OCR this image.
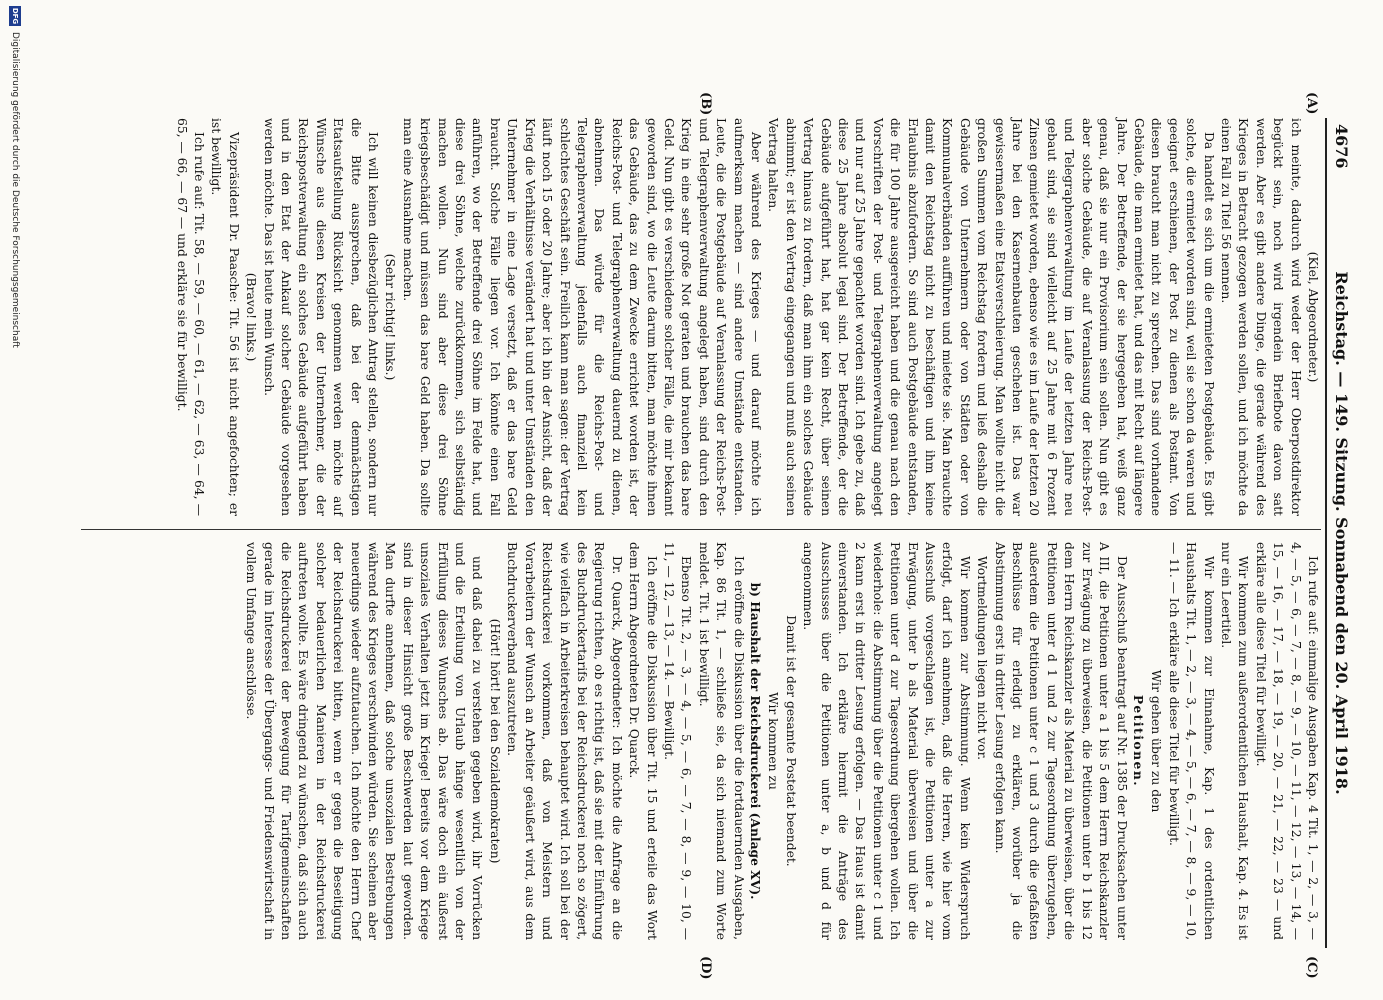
4676
Reichstag. — 149. Sitzung. Sonnabend den 20. April 1918.
(A)
(B)
(C)
(D)

(Kiel, Abgeordneter.)

ich meinte, dadurch wird weder der Herr Oberpostdirektor begückt sein, noch wird irgendein Briefbote davon satt werden. Aber es gibt andere Dinge, die gerade während des Krieges in Betracht gezogen werden sollen, und ich möchte da einen Fall zu Titel 56 nennen.

Da handelt es sich um die ermieteten Postgebäude. Es gibt solche, die ermietet worden sind, weil sie schon da waren und geeignet erschienen, der Post zu dienen als Postamt. Von diesen braucht man nicht zu sprechen. Das sind vorhandene Gebäude, die man ermietet hat, und das mit Recht auf längere Jahre. Der Betreffende, der sie hergegeben hat, weiß ganz genau, daß sie nur ein Provisorium sein sollen. Nun gibt es aber solche Gebäude, die auf Veranlassung der Reichs-Post- und Telegraphenverwaltung im Laufe der letzten Jahre neu gebaut sind, sie sind vielleicht auf 25 Jahre mit 6 Prozent Zinsen gemietet worden, ebenso wie es im Laufe der letzten 20 Jahre bei den Kasernenbauten geschehen ist. Das war gewissermaßen eine Etatsverschleierung. Man wollte nicht die großen Summen vom Reichstag fordern und ließ deshalb die Gebäude von Unternehmern oder von Städten oder von Kommunalverbänden aufführen und mietete sie. Man brauchte damit den Reichstag nicht zu beschäftigen und ihm keine Erlaubnis abzufordern. So sind auch Postgebäude entstanden, die für 100 Jahre ausgereicht haben und die genau nach den Vorschriften der Post- und Telegraphenverwaltung angelegt und nur auf 25 Jahre gepachtet worden sind. Ich gebe zu, daß diese 25 Jahre absolut legal sind. Der Betreffende, der die Gebäude aufgeführt hat, hat gar kein Recht, über seinen Vertrag hinaus zu fordern, daß man ihm ein solches Gebäude abnimmt; er ist den Vertrag eingegangen und muß auch seinen Vertrag halten.

Aber während des Krieges — und darauf möchte ich aufmerksam machen — sind andere Umstände entstanden. Leute, die die Postgebäude auf Veranlassung der Reichs-Post- und Telegraphenverwaltung angelegt haben, sind durch den Krieg in eine sehr große Not geraten und brauchen das bare Geld. Nun gibt es verschiedene solcher Fälle, die mir bekannt geworden sind, wo die Leute darum bitten, man möchte ihnen das Gebäude, das zu dem Zwecke errichtet worden ist, der Reichs-Post- und Telegraphenverwaltung dauernd zu dienen, abnehmen. Das würde für die Reichs-Post- und Telegraphenverwaltung jedenfalls auch finanziell kein schlechtes Geschäft sein. Freilich kann man sagen: der Vertrag läuft noch 15 oder 20 Jahre; aber ich bin der Ansicht, daß der Krieg die Verhältnisse verändert hat und unter Umständen den Unternehmer in eine Lage versetzt, daß er das bare Geld braucht. Solche Fälle liegen vor. Ich könnte einen Fall anführen, wo der Betreffende drei Söhne im Felde hat, und diese drei Söhne, welche zurückkommen, sich selbständig machen wollen. Nun sind aber diese drei Söhne kriegsbeschädigt und müssen das bare Geld haben. Da sollte man eine Ausnahme machen.

(Sehr richtig! links.)

Ich will keinen diesbezüglichen Antrag stellen, sondern nur die Bitte aussprechen, daß bei der demnächstigen Etatsaufstellung Rücksicht genommen werden möchte auf Wünsche aus diesen Kreisen der Unternehmer, die der Reichspostverwaltung ein solches Gebäude aufgeführt haben und in den Etat der Ankauf solcher Gebäude vorgesehen werden möchte. Das ist heute mein Wunsch.

(Bravo! links.)

Vizepräsident Dr. Paasche: Tit. 56 ist nicht angefochten; er ist bewilligt.

Ich rufe auf: Tit. 58, — 59, — 60, — 61, — 62, — 63, — 64, — 65, — 66, — 67 — und erkläre sie für bewilligt.

Ich rufe auf: einmalige Ausgaben Kap. 4 Tit. 1, — 2, — 3, — 4, — 5, — 6, — 7, — 8, — 9, — 10, — 11, — 12, — 13, — 14, — 15, — 16, — 17, — 18, — 19, — 20, — 21, — 22, — 23 — und erkläre alle diese Titel für bewilligt.

Wir kommen zum außerordentlichen Haushalt, Kap. 4. Es ist nur ein Leertitel.

Wir kommen zur Einnahme, Kap. 1 des ordentlichen Haushalts Tit. 1, — 2, — 3, — 4, — 5, — 6, — 7, — 8, — 9, — 10, — 11. — Ich erkläre alle diese Titel für bewilligt.

Wir gehen über zu den

Petitionen.

Der Ausschuß beantragt auf Nr. 1385 der Drucksachen unter A III, die Petitionen unter a 1 bis 5 dem Herrn Reichskanzler zur Erwägung zu überweisen, die Petitionen unter b 1 bis 12 dem Herrn Reichskanzler als Material zu überweisen, über die Petitionen unter d 1 und 2 zur Tagesordnung überzugehen, außerdem die Petitionen unter c 1 und 3 durch die gefaßten Beschlüsse für erledigt zu erklären, worüber ja die Abstimmung erst in dritter Lesung erfolgen kann.

Wortmeldungen liegen nicht vor.

Wir kommen zur Abstimmung. Wenn kein Widerspruch erfolgt, darf ich annehmen, daß die Herren, wie hier vom Ausschuß vorgeschlagen ist, die Petitionen unter a zur Erwägung, unter b als Material überweisen und über die Petitionen unter d zur Tagesordnung übergehen wollen. Ich wiederhole: die Abstimmung über die Petitionen unter c 1 und 2 kann erst in dritter Lesung erfolgen. — Das Haus ist damit einverstanden. Ich erkläre hiermit die Anträge des Ausschusses über die Petitionen unter a, b und d für angenommen.

Damit ist der gesamte Postetat beendet.

Wir kommen zu

b) Haushalt der Reichsdruckerei (Anlage XV).

Ich eröffne die Diskussion über die fortdauernden Ausgaben, Kap. 86 Tit. 1, — schließe sie, da sich niemand zum Worte meldet. Tit. 1 ist bewilligt.

Ebenso Tit. 2, — 3, — 4, — 5, — 6, — 7, — 8, — 9, — 10, — 11, — 12, — 13, — 14. — Bewilligt.

Ich eröffne die Diskussion über Tit. 15 und erteile das Wort dem Herrn Abgeordneten Dr. Quarck.

Dr. Quarck, Abgeordneter: Ich möchte die Anfrage an die Regierung richten, ob es richtig ist, daß sie mit der Einführung des Buchdruckertarifs bei der Reichsdruckerei noch so zögert, wie vielfach in Arbeiterkreisen behauptet wird. Ich soll bei der Reichsdruckerei vorkommen, daß von Meistern und Vorarbeitern der Wunsch an Arbeiter geäußert wird, aus dem Buchdruckerverband auszutreten.

(Hört! hört! bei den Sozialdemokraten)

und daß dabei zu verstehen gegeben wird, ihr Vorrücken und die Erteilung von Urlaub hänge wesentlich von der Erfüllung dieses Wunsches ab. Das wäre doch ein äußerst unsoziales Verhalten jetzt im Kriege! Bereits vor dem Kriege sind in dieser Hinsicht große Beschwerden laut geworden. Man durfte annehmen, daß solche unsozialen Bestrebungen während des Krieges verschwinden würden. Sie scheinen aber neuerdings wieder aufzutauchen. Ich möchte den Herrn Chef der Reichsdruckerei bitten, wenn er gegen die Beseitigung solcher bedauerlichen Manieren in der Reichsdruckerei auftreten wollte. Es wäre dringend zu wünschen, daß sich auch die Reichsdruckerei der Bewegung für Tarifgemeinschaften gerade im Interesse der Übergangs- und Friedenswirtschaft in vollem Umfange anschlösse.

DFG
Digitalisierung gefördert durch die Deutsche Forschungsgemeinschaft
